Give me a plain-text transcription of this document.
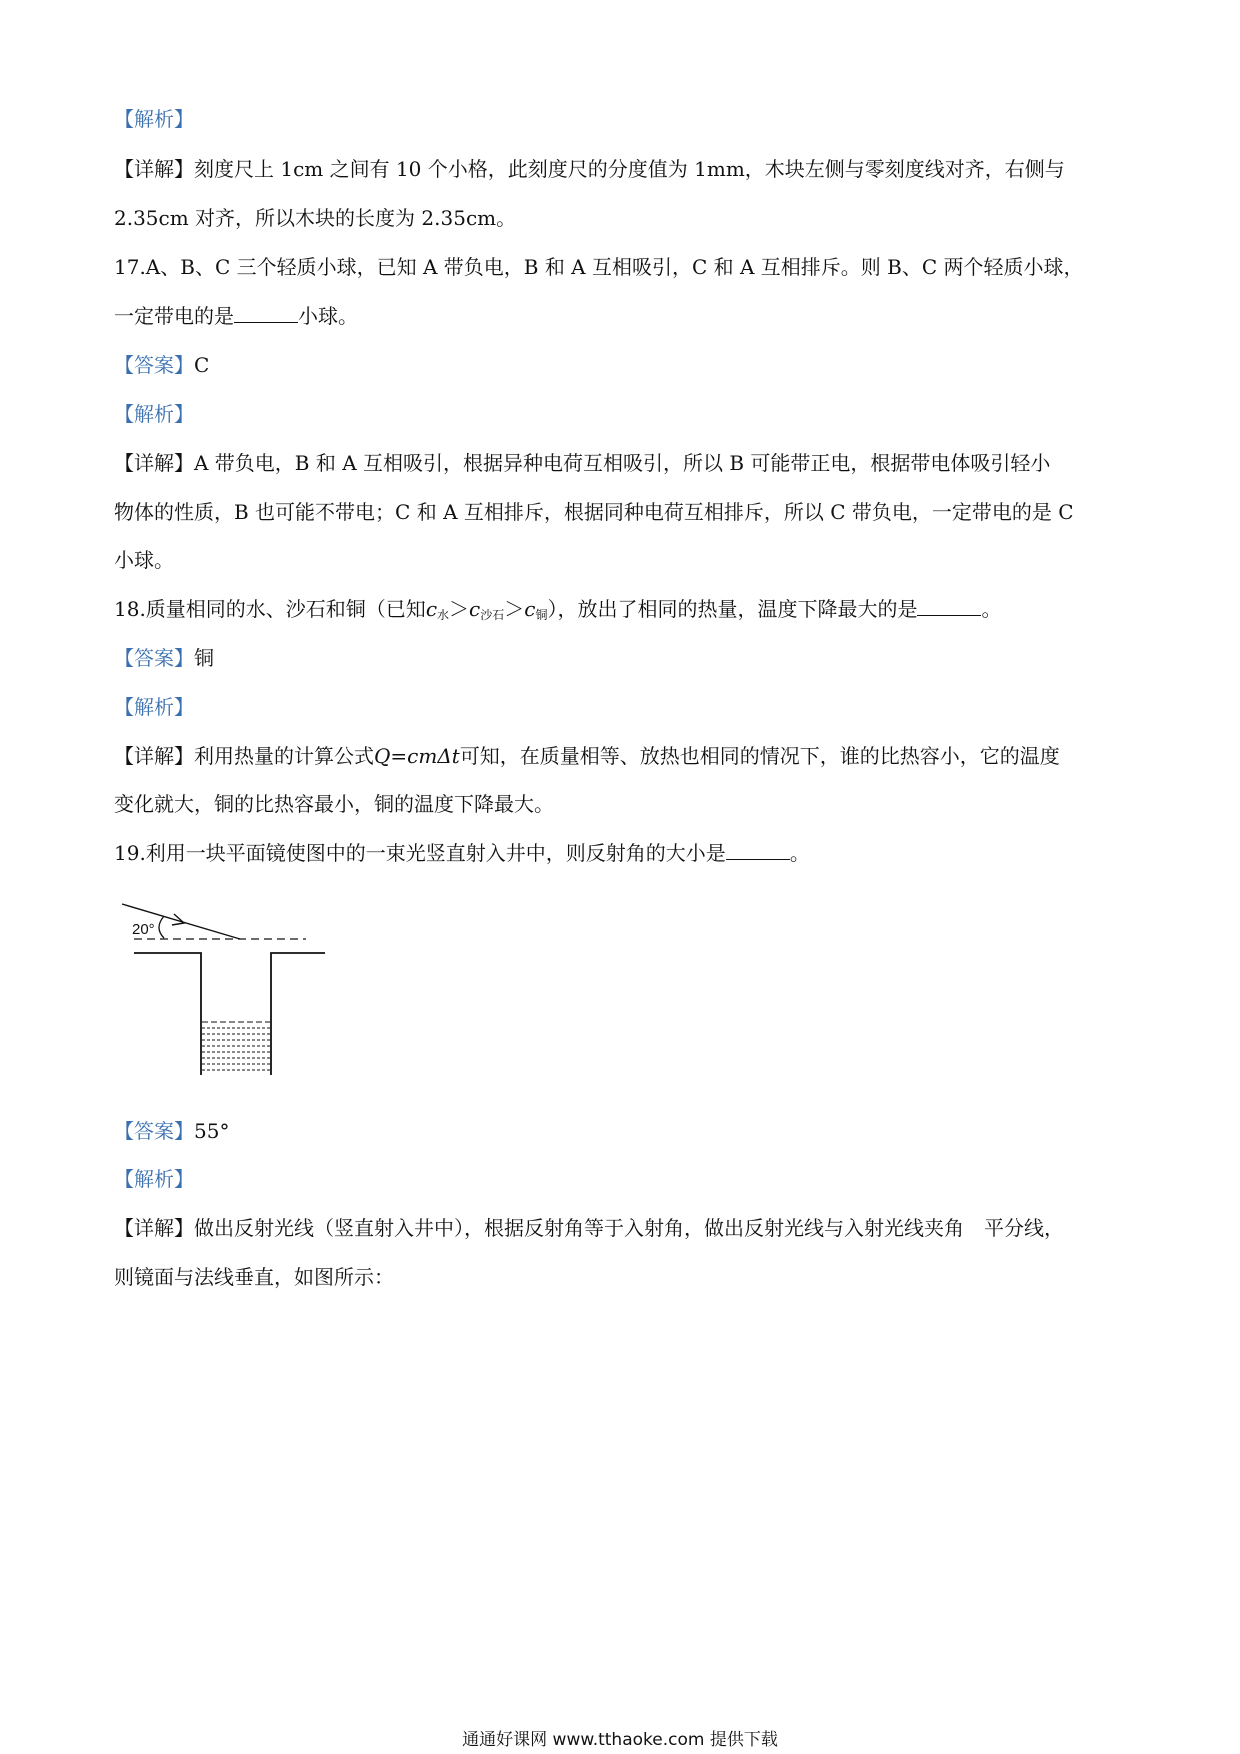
【解析】
【详解】刻度尺上 1cm 之间有 10 个小格，此刻度尺的分度值为 1mm，木块左侧与零刻度线对齐，右侧与
2.35cm 对齐，所以木块的长度为 2.35cm。
17.A、B、C 三个轻质小球，已知 A 带负电，B 和 A 互相吸引，C 和 A 互相排斥。则 B、C 两个轻质小球，
一定带电的是	小球。
【答案】C
【解析】
【详解】A 带负电，B 和 A 互相吸引，根据异种电荷互相吸引，所以 B 可能带正电，根据带电体吸引轻小
物体的性质，B 也可能不带电；C 和 A 互相排斥，根据同种电荷互相排斥，所以 C 带负电，一定带电的是 C
小球。
18.质量相同的水、沙石和铜（已知$c_水>c_{沙石}>c_铜$），放出了相同的热量，温度下降最大的是	。
【答案】铜
【解析】
【详解】利用热量的计算公式Q=cmΔt可知，在质量相等、放热也相同的情况下，谁的比热容小，它的温度
变化就大，铜的比热容最小，铜的温度下降最大。
19.利用一块平面镜使图中的一束光竖直射入井中，则反射角的大小是	。
20°
【答案】55°
【解析】
【详解】做出反射光线（竖直射入井中），根据反射角等于入射角，做出反射光线与入射光线夹角　平分线，
则镜面与法线垂直，如图所示：
通通好课网 www.tthaoke.com 提供下载
